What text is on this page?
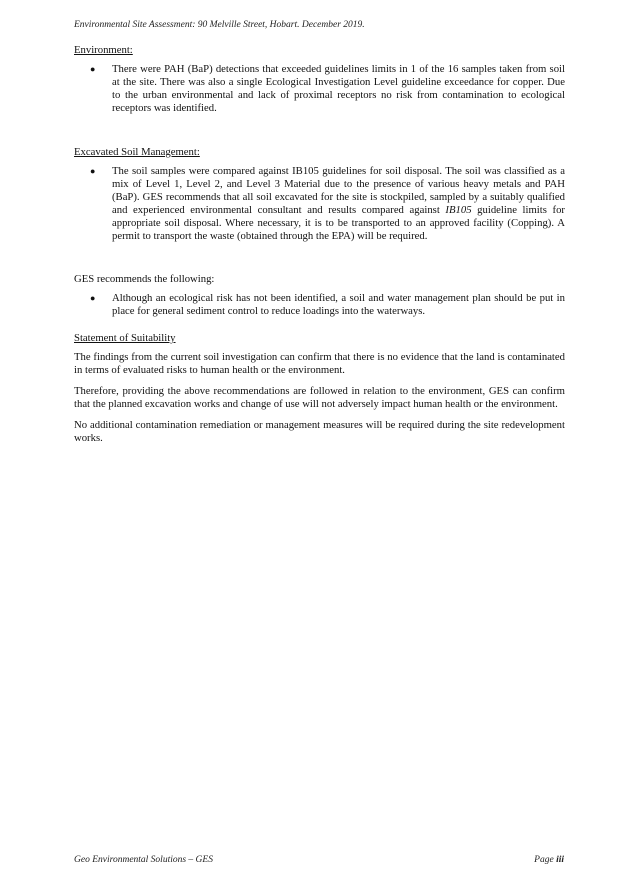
Environmental Site Assessment: 90 Melville Street, Hobart. December 2019.
Environment:
● There were PAH (BaP) detections that exceeded guidelines limits in 1 of the 16 samples taken from soil at the site. There was also a single Ecological Investigation Level guideline exceedance for copper. Due to the urban environmental and lack of proximal receptors no risk from contamination to ecological receptors was identified.
Excavated Soil Management:
● The soil samples were compared against IB105 guidelines for soil disposal. The soil was classified as a mix of Level 1, Level 2, and Level 3 Material due to the presence of various heavy metals and PAH (BaP). GES recommends that all soil excavated for the site is stockpiled, sampled by a suitably qualified and experienced environmental consultant and results compared against IB105 guideline limits for appropriate soil disposal. Where necessary, it is to be transported to an approved facility (Copping). A permit to transport the waste (obtained through the EPA) will be required.
GES recommends the following:
● Although an ecological risk has not been identified, a soil and water management plan should be put in place for general sediment control to reduce loadings into the waterways.
Statement of Suitability

The findings from the current soil investigation can confirm that there is no evidence that the land is contaminated in terms of evaluated risks to human health or the environment.

Therefore, providing the above recommendations are followed in relation to the environment, GES can confirm that the planned excavation works and change of use will not adversely impact human health or the environment.

No additional contamination remediation or management measures will be required during the site redevelopment works.

Geo Environmental Solutions – GES	Page iii
